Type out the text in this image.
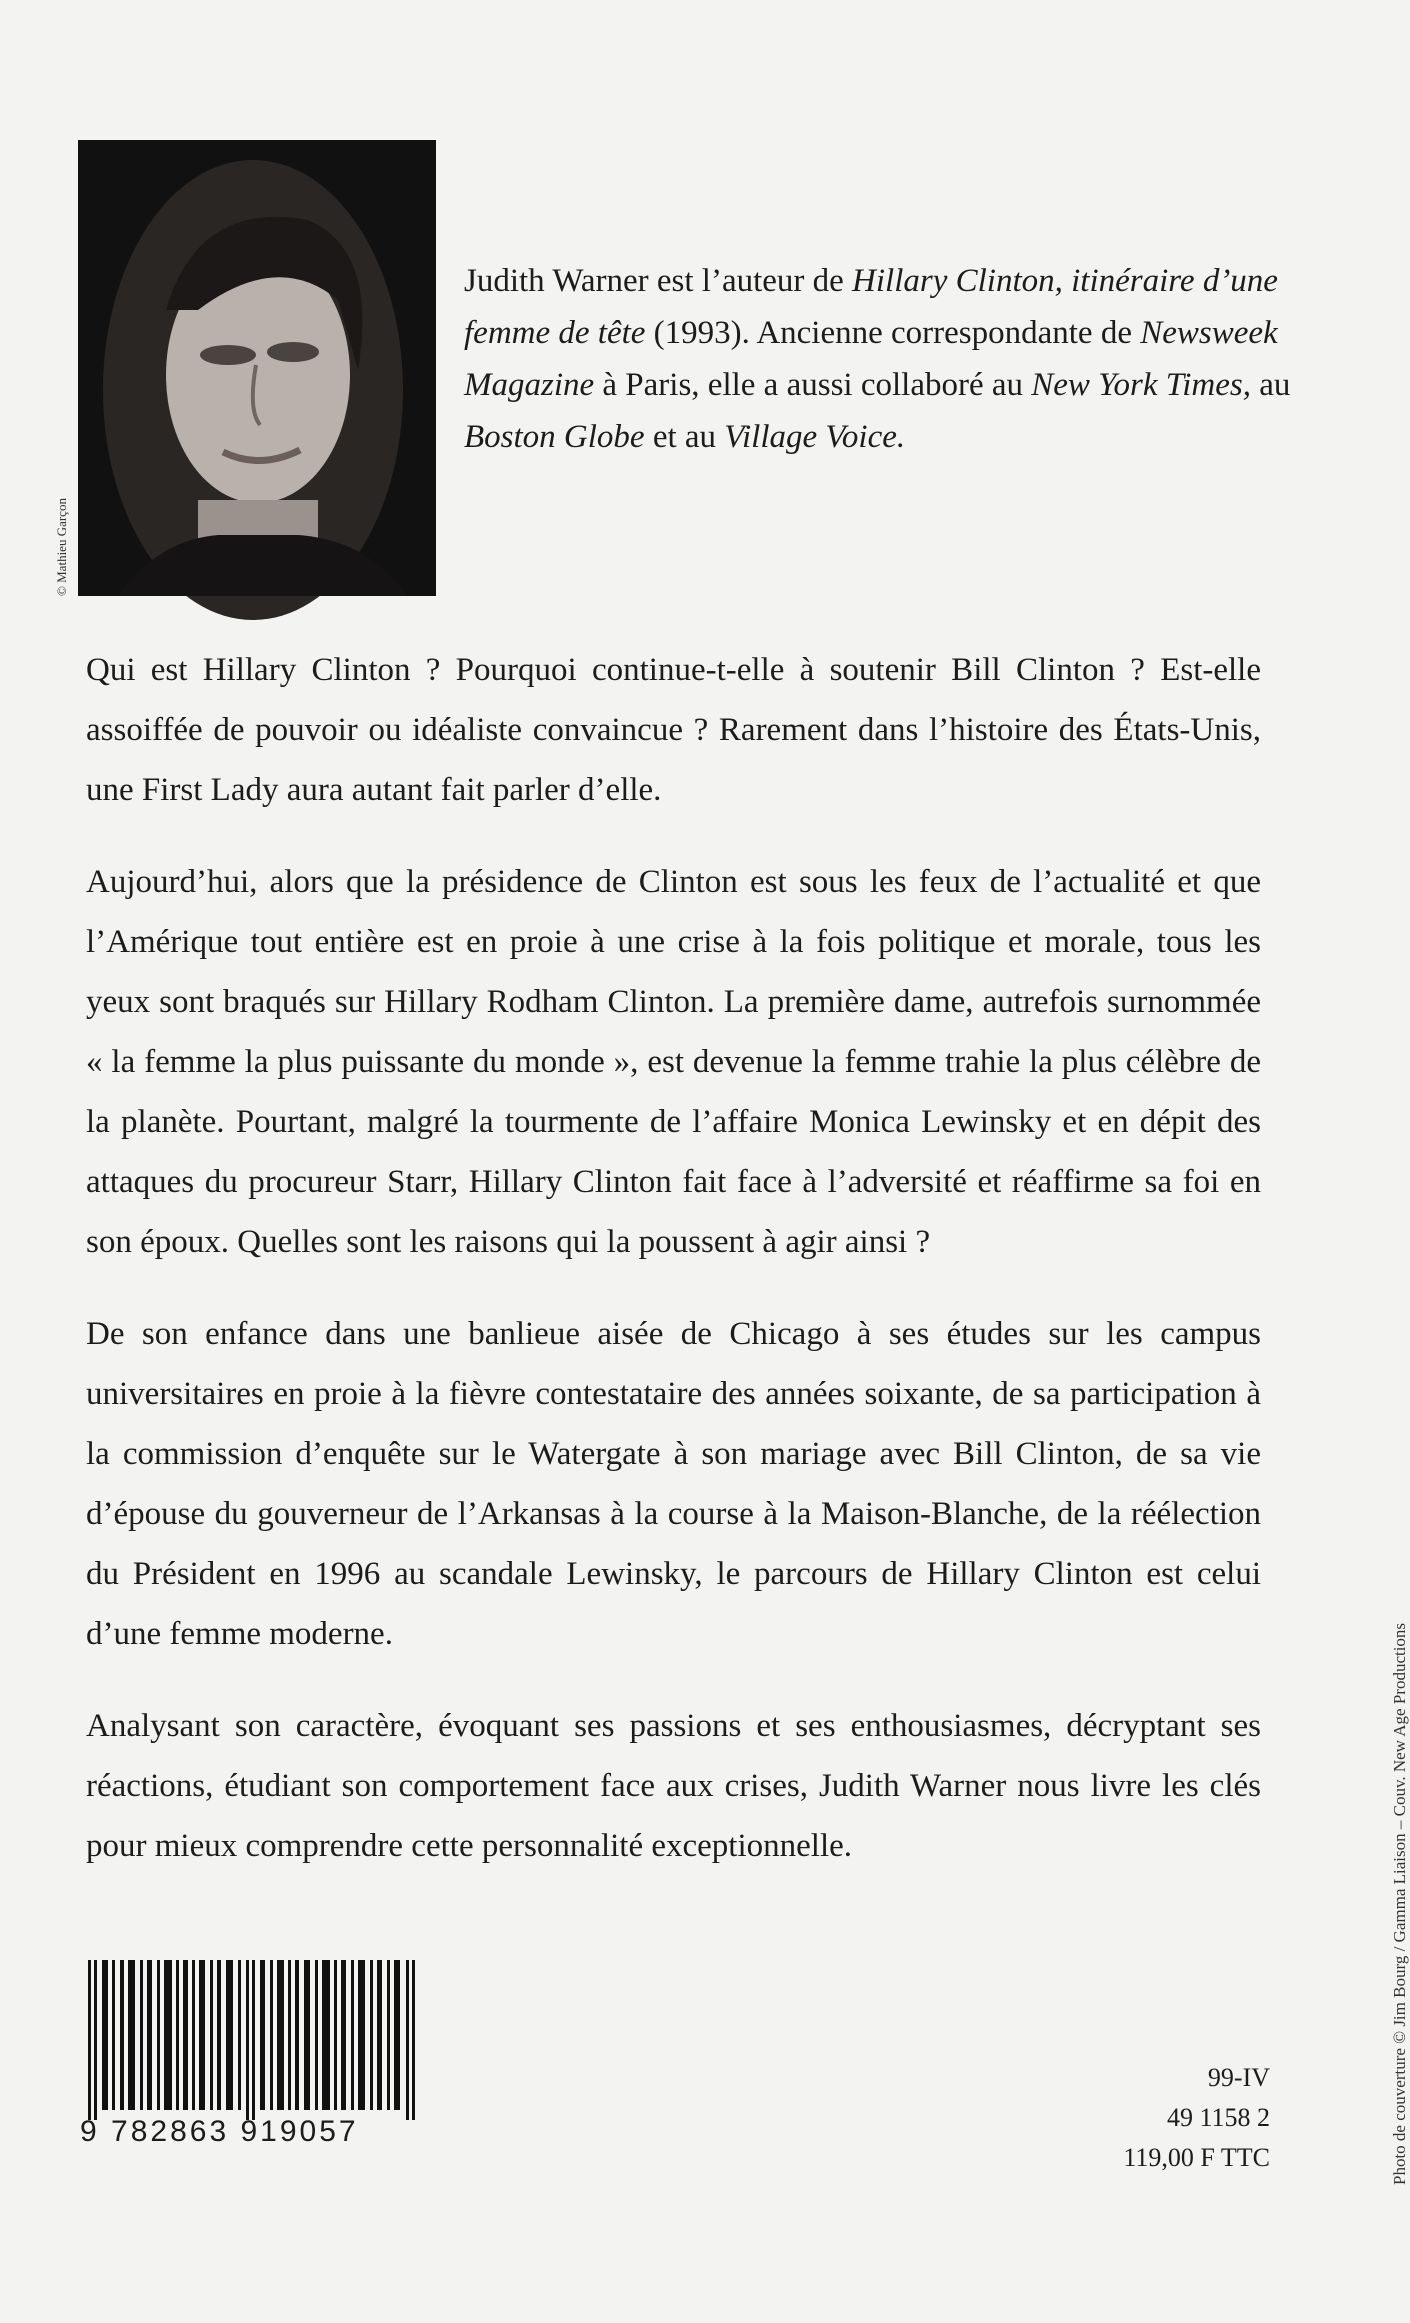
© Mathieu Garçon
Judith Warner est l’auteur de Hillary Clinton, itinéraire d’une femme de tête (1993). Ancienne correspondante de Newsweek Magazine à Paris, elle a aussi collaboré au New York Times, au Boston Globe et au Village Voice.

Qui est Hillary Clinton ? Pourquoi continue-t-elle à soutenir Bill Clinton ? Est-elle assoiffée de pouvoir ou idéaliste convaincue ? Rarement dans l’histoire des États-Unis, une First Lady aura autant fait parler d’elle.

Aujourd’hui, alors que la présidence de Clinton est sous les feux de l’actualité et que l’Amérique tout entière est en proie à une crise à la fois politique et morale, tous les yeux sont braqués sur Hillary Rodham Clinton. La première dame, autrefois surnommée « la femme la plus puissante du monde », est devenue la femme trahie la plus célèbre de la planète. Pourtant, malgré la tourmente de l’affaire Monica Lewinsky et en dépit des attaques du procureur Starr, Hillary Clinton fait face à l’adversité et réaffirme sa foi en son époux. Quelles sont les raisons qui la poussent à agir ainsi ?

De son enfance dans une banlieue aisée de Chicago à ses études sur les campus universitaires en proie à la fièvre contestataire des années soixante, de sa participation à la commission d’enquête sur le Watergate à son mariage avec Bill Clinton, de sa vie d’épouse du gouverneur de l’Arkansas à la course à la Maison-Blanche, de la réélection du Président en 1996 au scandale Lewinsky, le parcours de Hillary Clinton est celui d’une femme moderne.

Analysant son caractère, évoquant ses passions et ses enthousiasmes, décryptant ses réactions, étudiant son comportement face aux crises, Judith Warner nous livre les clés pour mieux comprendre cette personnalité exceptionnelle.	Photo de couverture © Jim Bourg / Gamma Liaison – Couv. New Age Productions
9 782863 919057
99-IV
49 1158 2
119,00 F TTC
